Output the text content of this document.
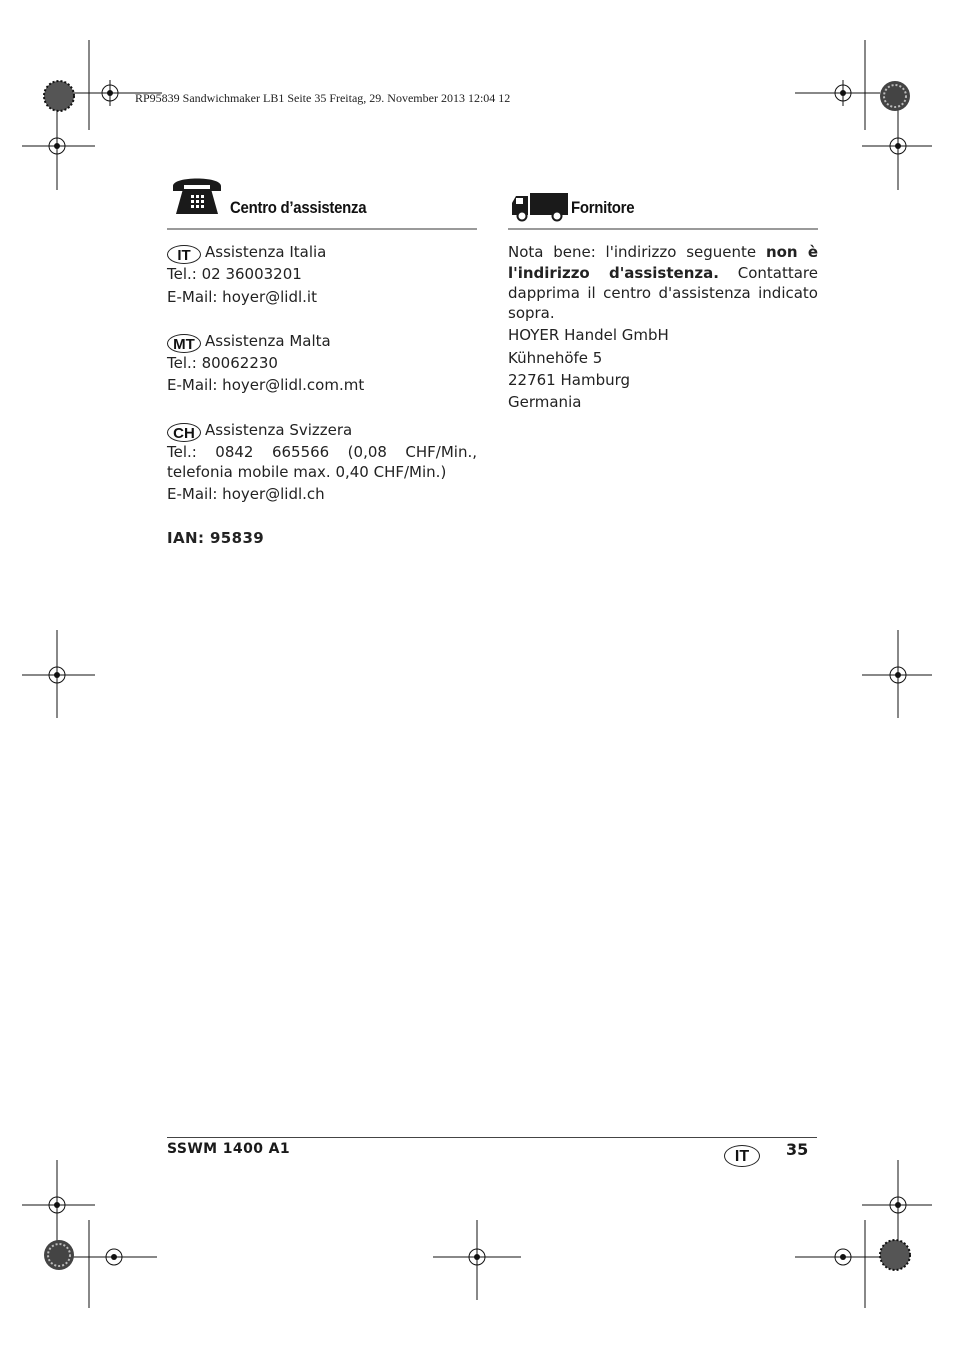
RP95839 Sandwichmaker LB1 Seite 35 Freitag, 29. November 2013 12:04 12
Centro d’assistenza
IT Assistenza Italia
Tel.: 02 36003201
E-Mail: hoyer@lidl.it
MT Assistenza Malta
Tel.: 80062230
E-Mail: hoyer@lidl.com.mt
CH Assistenza Svizzera
Tel.: 0842 665566 (0,08 CHF/Min.,
telefonia mobile max. 0,40 CHF/Min.)
E-Mail: hoyer@lidl.ch
IAN: 95839
Fornitore
Nota bene: l'indirizzo seguente non è
l'indirizzo d'assistenza. Contattare
dapprima il centro d'assistenza indicato
sopra.
HOYER Handel GmbH
Kühnehöfe 5
22761 Hamburg
Germania
SSWM 1400 A1	IT	35
